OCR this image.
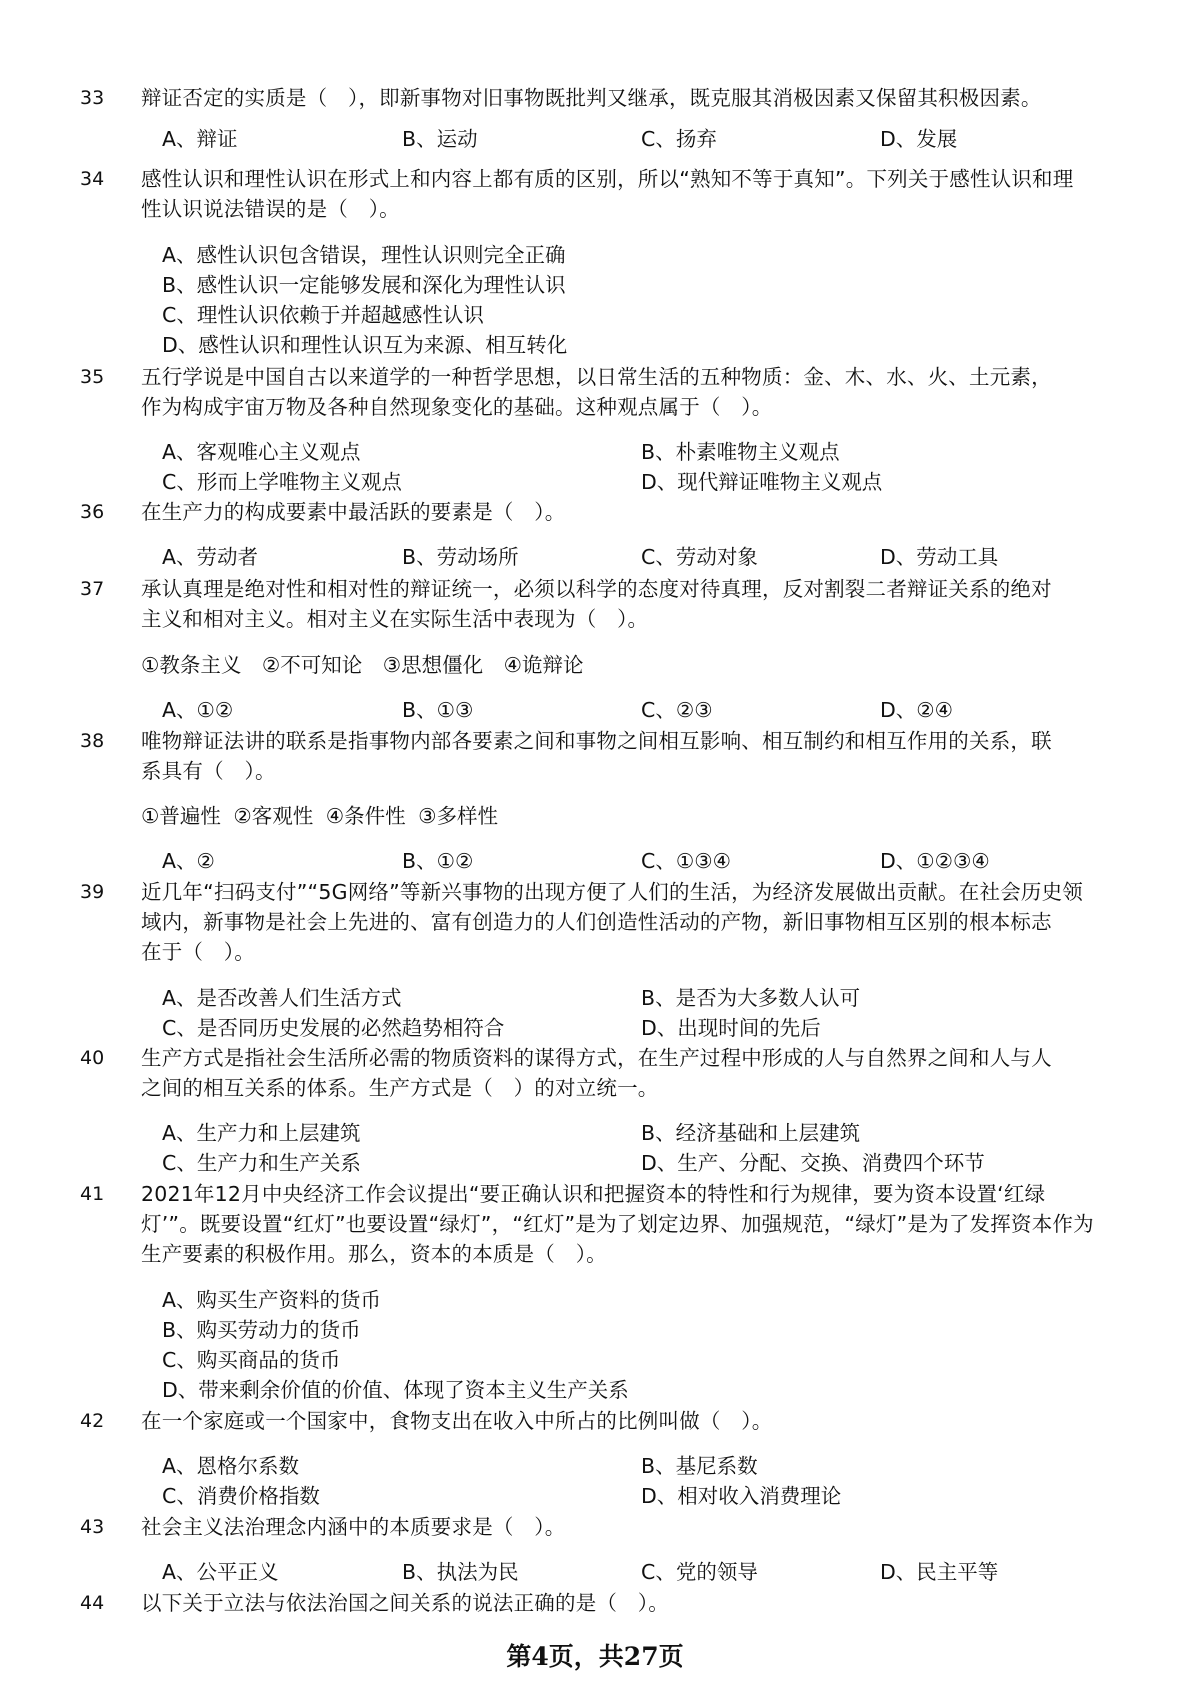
33 辩证否定的实质是（　），即新事物对旧事物既批判又继承，既克服其消极因素又保留其积极因素。
A、辩证	B、运动	C、扬弃	D、发展
34 感性认识和理性认识在形式上和内容上都有质的区别，所以“熟知不等于真知”。下列关于感性认识和理
性认识说法错误的是（　）。
A、感性认识包含错误，理性认识则完全正确
B、感性认识一定能够发展和深化为理性认识
C、理性认识依赖于并超越感性认识
D、感性认识和理性认识互为来源、相互转化
35 五行学说是中国自古以来道学的一种哲学思想，以日常生活的五种物质：金、木、水、火、土元素，
作为构成宇宙万物及各种自然现象变化的基础。这种观点属于（　）。
A、客观唯心主义观点	B、朴素唯物主义观点
C、形而上学唯物主义观点	D、现代辩证唯物主义观点
36 在生产力的构成要素中最活跃的要素是（　）。
A、劳动者	B、劳动场所	C、劳动对象	D、劳动工具
37 承认真理是绝对性和相对性的辩证统一，必须以科学的态度对待真理，反对割裂二者辩证关系的绝对
主义和相对主义。相对主义在实际生活中表现为（　）。
①教条主义　②不可知论　③思想僵化　④诡辩论
A、①②	B、①③	C、②③	D、②④
38 唯物辩证法讲的联系是指事物内部各要素之间和事物之间相互影响、相互制约和相互作用的关系，联
系具有（　）。
①普遍性 ②客观性 ④条件性 ③多样性
A、②	B、①②	C、①③④	D、①②③④
39 近几年“扫码支付”“5G网络”等新兴事物的出现方便了人们的生活，为经济发展做出贡献。在社会历史领
域内，新事物是社会上先进的、富有创造力的人们创造性活动的产物，新旧事物相互区别的根本标志
在于（　）。
A、是否改善人们生活方式	B、是否为大多数人认可
C、是否同历史发展的必然趋势相符合	D、出现时间的先后
40 生产方式是指社会生活所必需的物质资料的谋得方式，在生产过程中形成的人与自然界之间和人与人
之间的相互关系的体系。生产方式是（　）的对立统一。
A、生产力和上层建筑	B、经济基础和上层建筑
C、生产力和生产关系	D、生产、分配、交换、消费四个环节
41 2021年12月中央经济工作会议提出“要正确认识和把握资本的特性和行为规律，要为资本设置‘红绿
灯’”。既要设置“红灯”也要设置“绿灯”，“红灯”是为了划定边界、加强规范，“绿灯”是为了发挥资本作为
生产要素的积极作用。那么，资本的本质是（　）。
A、购买生产资料的货币
B、购买劳动力的货币
C、购买商品的货币
D、带来剩余价值的价值、体现了资本主义生产关系
42 在一个家庭或一个国家中，食物支出在收入中所占的比例叫做（　）。
A、恩格尔系数	B、基尼系数
C、消费价格指数	D、相对收入消费理论
43 社会主义法治理念内涵中的本质要求是（　）。
A、公平正义	B、执法为民	C、党的领导	D、民主平等
44 以下关于立法与依法治国之间关系的说法正确的是（　）。
第4页，共27页
